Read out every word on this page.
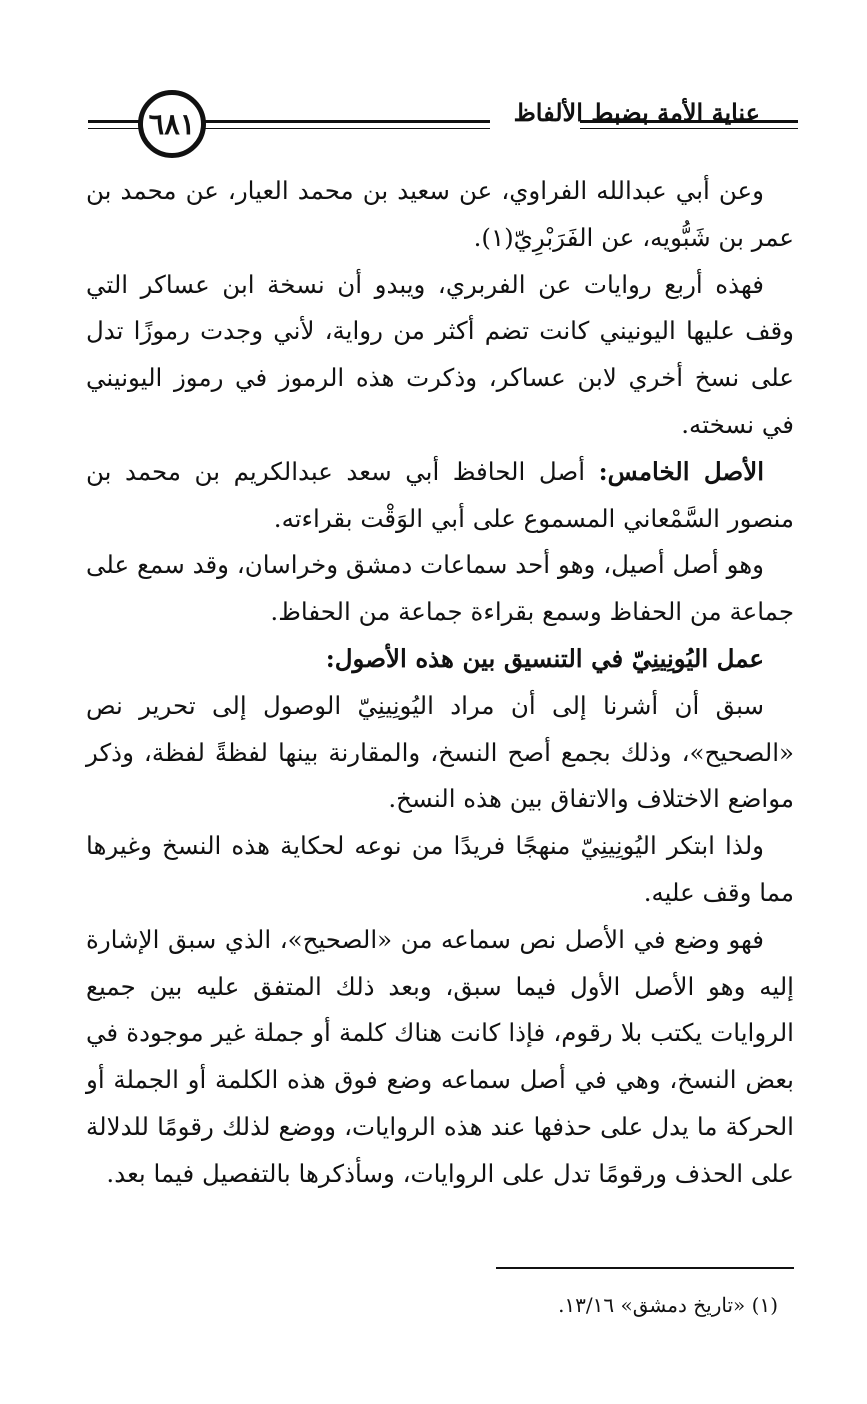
عناية الأمة بضبط الألفاظ
٦٨١

وعن أبي عبدالله الفراوي، عن سعيد بن محمد العيار، عن محمد بن عمر بن شَبُّويه، عن الفَرَبْرِيّ(١).

فهذه أربع روايات عن الفربري، ويبدو أن نسخة ابن عساكر التي وقف عليها اليونيني كانت تضم أكثر من رواية، لأني وجدت رموزًا تدل على نسخ أخري لابن عساكر، وذكرت هذه الرموز في رموز اليونيني في نسخته.

الأصل الخامس: أصل الحافظ أبي سعد عبدالكريم بن محمد بن منصور السَّمْعاني المسموع على أبي الوَقْت بقراءته.

وهو أصل أصيل، وهو أحد سماعات دمشق وخراسان، وقد سمع على جماعة من الحفاظ وسمع بقراءة جماعة من الحفاظ.

عمل اليُونِينِيّ في التنسيق بين هذه الأصول:

سبق أن أشرنا إلى أن مراد اليُونِينِيّ الوصول إلى تحرير نص «الصحيح»، وذلك بجمع أصح النسخ، والمقارنة بينها لفظةً لفظة، وذكر مواضع الاختلاف والاتفاق بين هذه النسخ.

ولذا ابتكر اليُونِينِيّ منهجًا فريدًا من نوعه لحكاية هذه النسخ وغيرها مما وقف عليه.

فهو وضع في الأصل نص سماعه من «الصحيح»، الذي سبق الإشارة إليه وهو الأصل الأول فيما سبق، وبعد ذلك المتفق عليه بين جميع الروايات يكتب بلا رقوم، فإذا كانت هناك كلمة أو جملة غير موجودة في بعض النسخ، وهي في أصل سماعه وضع فوق هذه الكلمة أو الجملة أو الحركة ما يدل على حذفها عند هذه الروايات، ووضع لذلك رقومًا للدلالة على الحذف ورقومًا تدل على الروايات، وسأذكرها بالتفصيل فيما بعد.

(١) «تاريخ دمشق» ١٣/١٦.
